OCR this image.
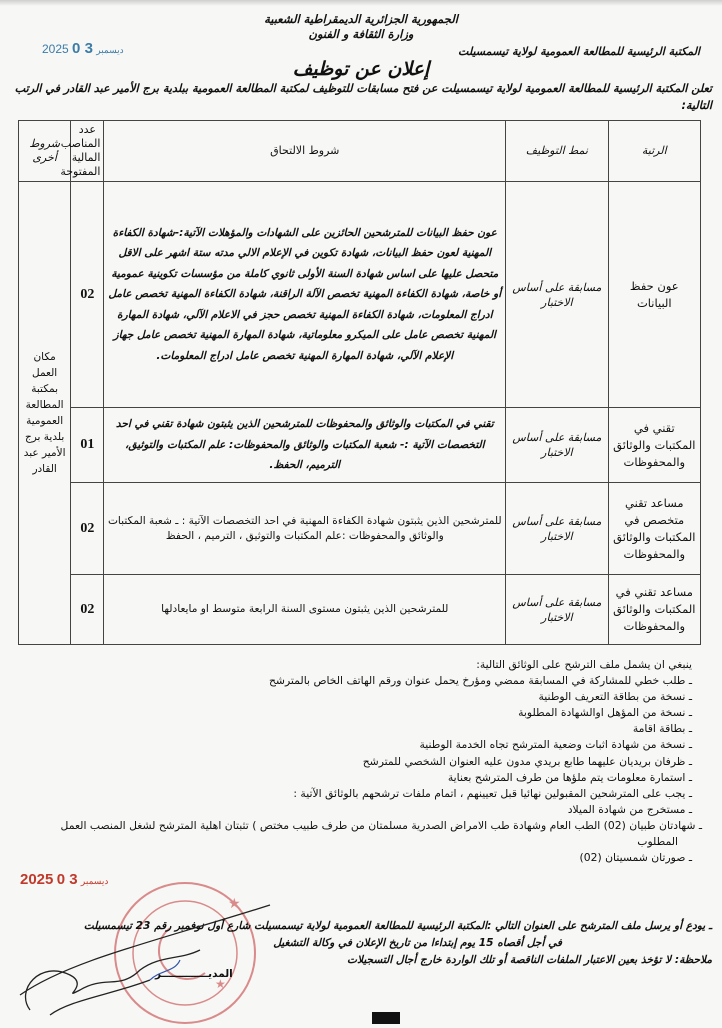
الجمهورية الجزائرية الديمقراطية الشعبية
وزارة الثقافة و الفنون
المكتبة الرئيسية للمطالعة العمومية لولاية تيسمسيلت
2025	ديسمبر 3 0
إعلان عن توظيف
تعلن المكتبة الرئيسية للمطالعة العمومية لولاية تيسمسيلت عن فتح مسابقات للتوظيف لمكتبة المطالعة العمومية ببلدية برج الأمير عبد القادر في الرتب التالية:
الرتبة	نمط التوظيف	شروط الالتحاق	عدد المناصب المالية المفتوحة	شروط أخرى
عون حفظ البيانات	مسابقة على أساس الاختبار	عون حفظ البيانات للمترشحين الحائزين على الشهادات والمؤهلات الآتية:-شهادة الكفاءة المهنية لعون حفظ البيانات، شهادة تكوين في الإعلام الالي مدته ستة اشهر على الاقل متحصل عليها على اساس شهادة السنة الأولى ثانوي كاملة من مؤسسات تكوينية عمومية أو خاصة، شهادة الكفاءة المهنية تخصص الآلة الراقنة، شهادة الكفاءة المهنية تخصص عامل ادراج المعلومات، شهادة الكفاءة المهنية تخصص حجز في الاعلام الآلي، شهادة المهارة المهنية تخصص عامل على الميكرو معلوماتية، شهادة المهارة المهنية تخصص عامل جهاز الإعلام الآلي، شهادة المهارة المهنية تخصص عامل ادراج المعلومات.	02	مكان العمل بمكتبة المطالعة العمومية بلدية برج الأمير عبد القادر
تقني في المكتبات والوثائق والمحفوظات	مسابقة على أساس الاختبار	تقني في المكتبات والوثائق والمحفوظات للمترشحين الذين يثبتون شهادة تقني في احد التخصصات الآتية :- شعبة المكتبات والوثائق والمحفوظات: علم المكتبات والتوثيق، الترميم، الحفظ.	01	
مساعد تقني متخصص في المكتبات والوثائق والمحفوظات	مسابقة على أساس الاختبار	للمترشحين الذين يثبتون شهادة الكفاءة المهنية في احد التخصصات الآتية : ـ شعبة المكتبات والوثائق والمحفوظات :علم المكتبات والتوثيق ، الترميم ، الحفظ	02	
مساعد تقني في المكتبات والوثائق والمحفوظات	مسابقة على أساس الاختبار	للمترشحين الذين يثبتون مستوى السنة الرابعة متوسط او مايعادلها	02	
ينبغي ان يشمل ملف الترشح على الوثائق التالية:
ـ طلب خطي للمشاركة في المسابقة ممضي ومؤرخ يحمل عنوان ورقم الهاتف الخاص بالمترشح
ـ نسخة من بطاقة التعريف الوطنية
ـ نسخة من المؤهل اوالشهادة المطلوبة
ـ بطاقة اقامة
ـ نسخة من شهادة اثبات وضعية المترشح تجاه الخدمة الوطنية
ـ ظرفان بريديان عليهما طابع بريدي مدون عليه العنوان الشخصي للمترشح
ـ استمارة معلومات يتم ملؤها من طرف المترشح بعناية
ـ يجب على المترشحين المقبولين نهائيا قبل تعيينهم ، اتمام ملفات ترشحهم بالوثائق الآتية :
ـ مستخرج من شهادة الميلاد
ـ شهادتان طبيان (02) الطب العام وشهادة طب الامراض الصدرية مسلمتان من طرف طبيب مختص ) تثبتان اهلية المترشح لشغل المنصب العمل
المطلوب
ـ صورتان شمسيتان (02)
★
★
2025	ديسمبر 3 0
ـ يودع أو يرسل ملف المترشح على العنوان التالي :المكتبة الرئيسية للمطالعة العمومية لولاية تيسمسيلت شارع أول نوفمبر رقم 23 تيسمسيلت
في أجل أقصاه 15 يوم إبتداءا من تاريخ الإعلان في وكالة التشغيل
ملاحظة: لا تؤخذ بعين الاعتبار الملفات الناقصة أو تلك الواردة خارج أجال التسجيلات
المديـــــــــــــر
